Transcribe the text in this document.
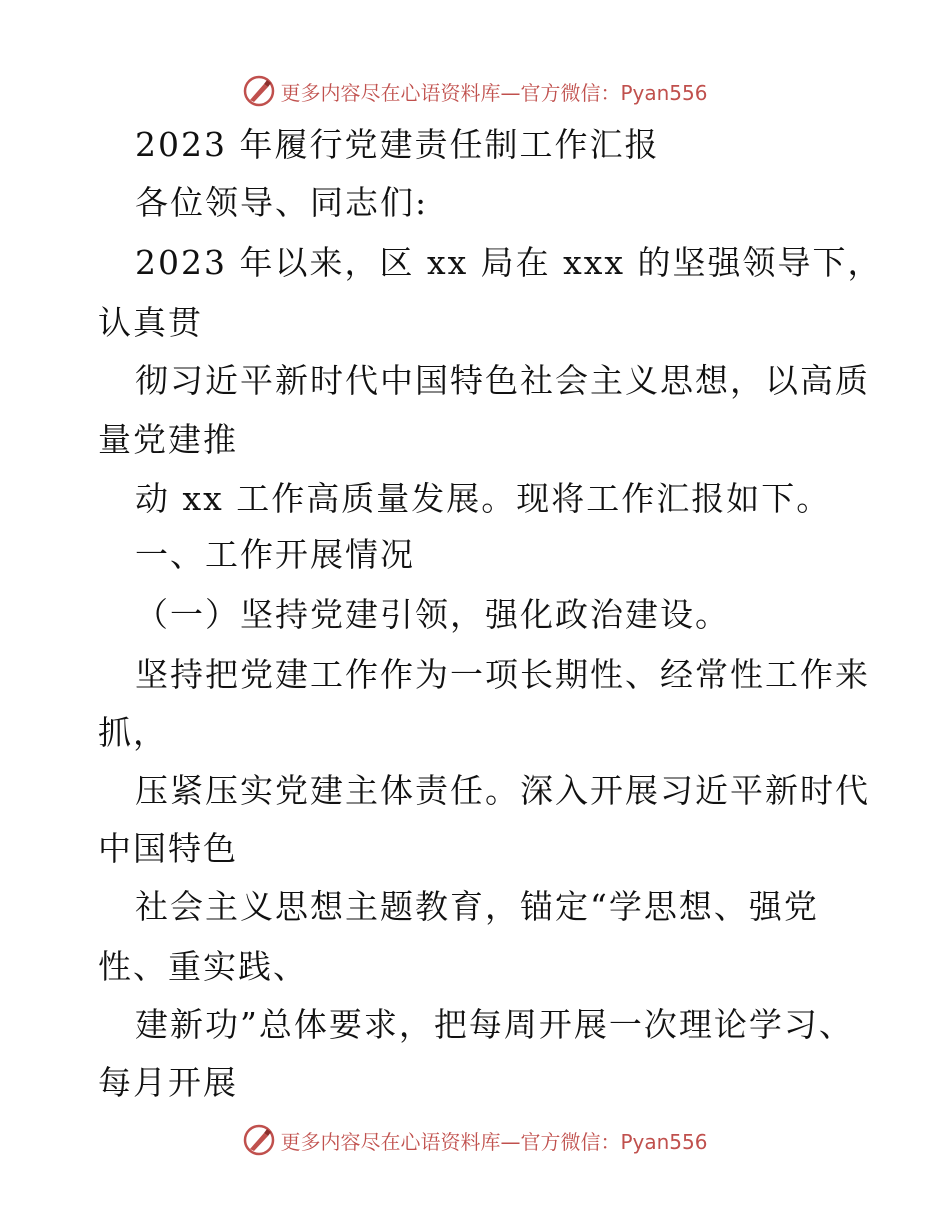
更多内容尽在心语资料库—官方微信：Pyan556
2023 年履行党建责任制工作汇报
各位领导、同志们:
2023 年以来，区 xx 局在 xxx 的坚强领导下，
认真贯
彻习近平新时代中国特色社会主义思想，以高质
量党建推
动 xx 工作高质量发展。现将工作汇报如下。
一、工作开展情况
（一）坚持党建引领，强化政治建设。
坚持把党建工作作为一项长期性、经常性工作来
抓，
压紧压实党建主体责任。深入开展习近平新时代
中国特色
社会主义思想主题教育，锚定“学思想、强党
性、重实践、
建新功”总体要求，把每周开展一次理论学习、
每月开展
更多内容尽在心语资料库—官方微信：Pyan556
